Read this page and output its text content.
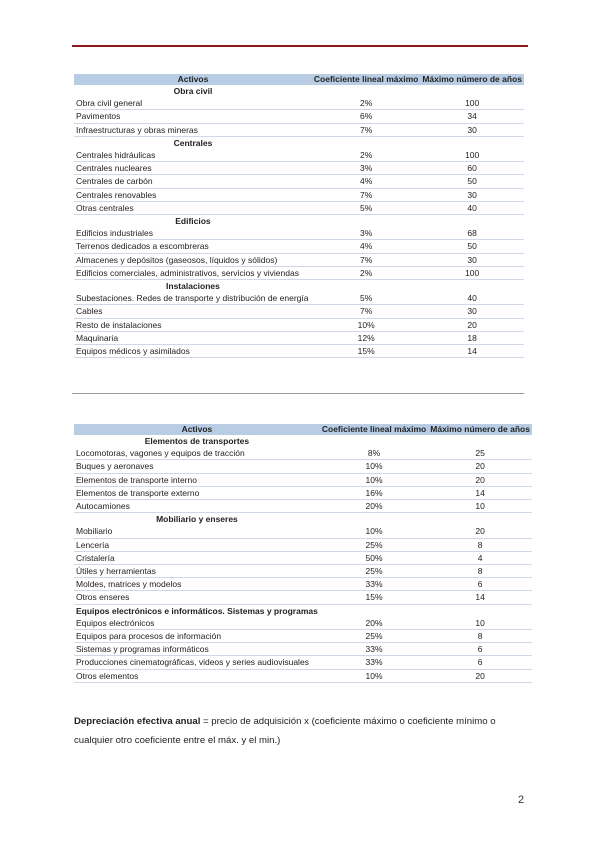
Activos	Coeficiente lineal máximo	Máximo número de años
Obra civil		
Obra civil general	2%	100
Pavimentos	6%	34
Infraestructuras y obras mineras	7%	30
Centrales		
Centrales hidráulicas	2%	100
Centrales nucleares	3%	60
Centrales de carbón	4%	50
Centrales renovables	7%	30
Otras centrales	5%	40
Edificios		
Edificios industriales	3%	68
Terrenos dedicados a escombreras	4%	50
Almacenes y depósitos (gaseosos, líquidos y sólidos)	7%	30
Edificios comerciales, administrativos, servicios y viviendas	2%	100
Instalaciones		
Subestaciones. Redes de transporte y distribución de energía	5%	40
Cables	7%	30
Resto de instalaciones	10%	20
Maquinaria	12%	18
Equipos médicos y asimilados	15%	14
Activos	Coeficiente lineal máximo	Máximo número de años
Elementos de transportes		
Locomotoras, vagones y equipos de tracción	8%	25
Buques y aeronaves	10%	20
Elementos de transporte interno	10%	20
Elementos de transporte externo	16%	14
Autocamiones	20%	10
Mobiliario y enseres		
Mobiliario	10%	20
Lencería	25%	8
Cristalería	50%	4
Útiles y herramientas	25%	8
Moldes, matrices y modelos	33%	6
Otros enseres	15%	14
Equipos electrónicos e informáticos. Sistemas y programas		
Equipos electrónicos	20%	10
Equipos para procesos de información	25%	8
Sistemas y programas informáticos	33%	6
Producciones cinematográficas, videos y series audiovisuales	33%	6
Otros elementos	10%	20
Depreciación efectiva anual = precio de adquisición x (coeficiente máximo o coeficiente mínimo o cualquier otro coeficiente entre el máx. y el min.)
2
